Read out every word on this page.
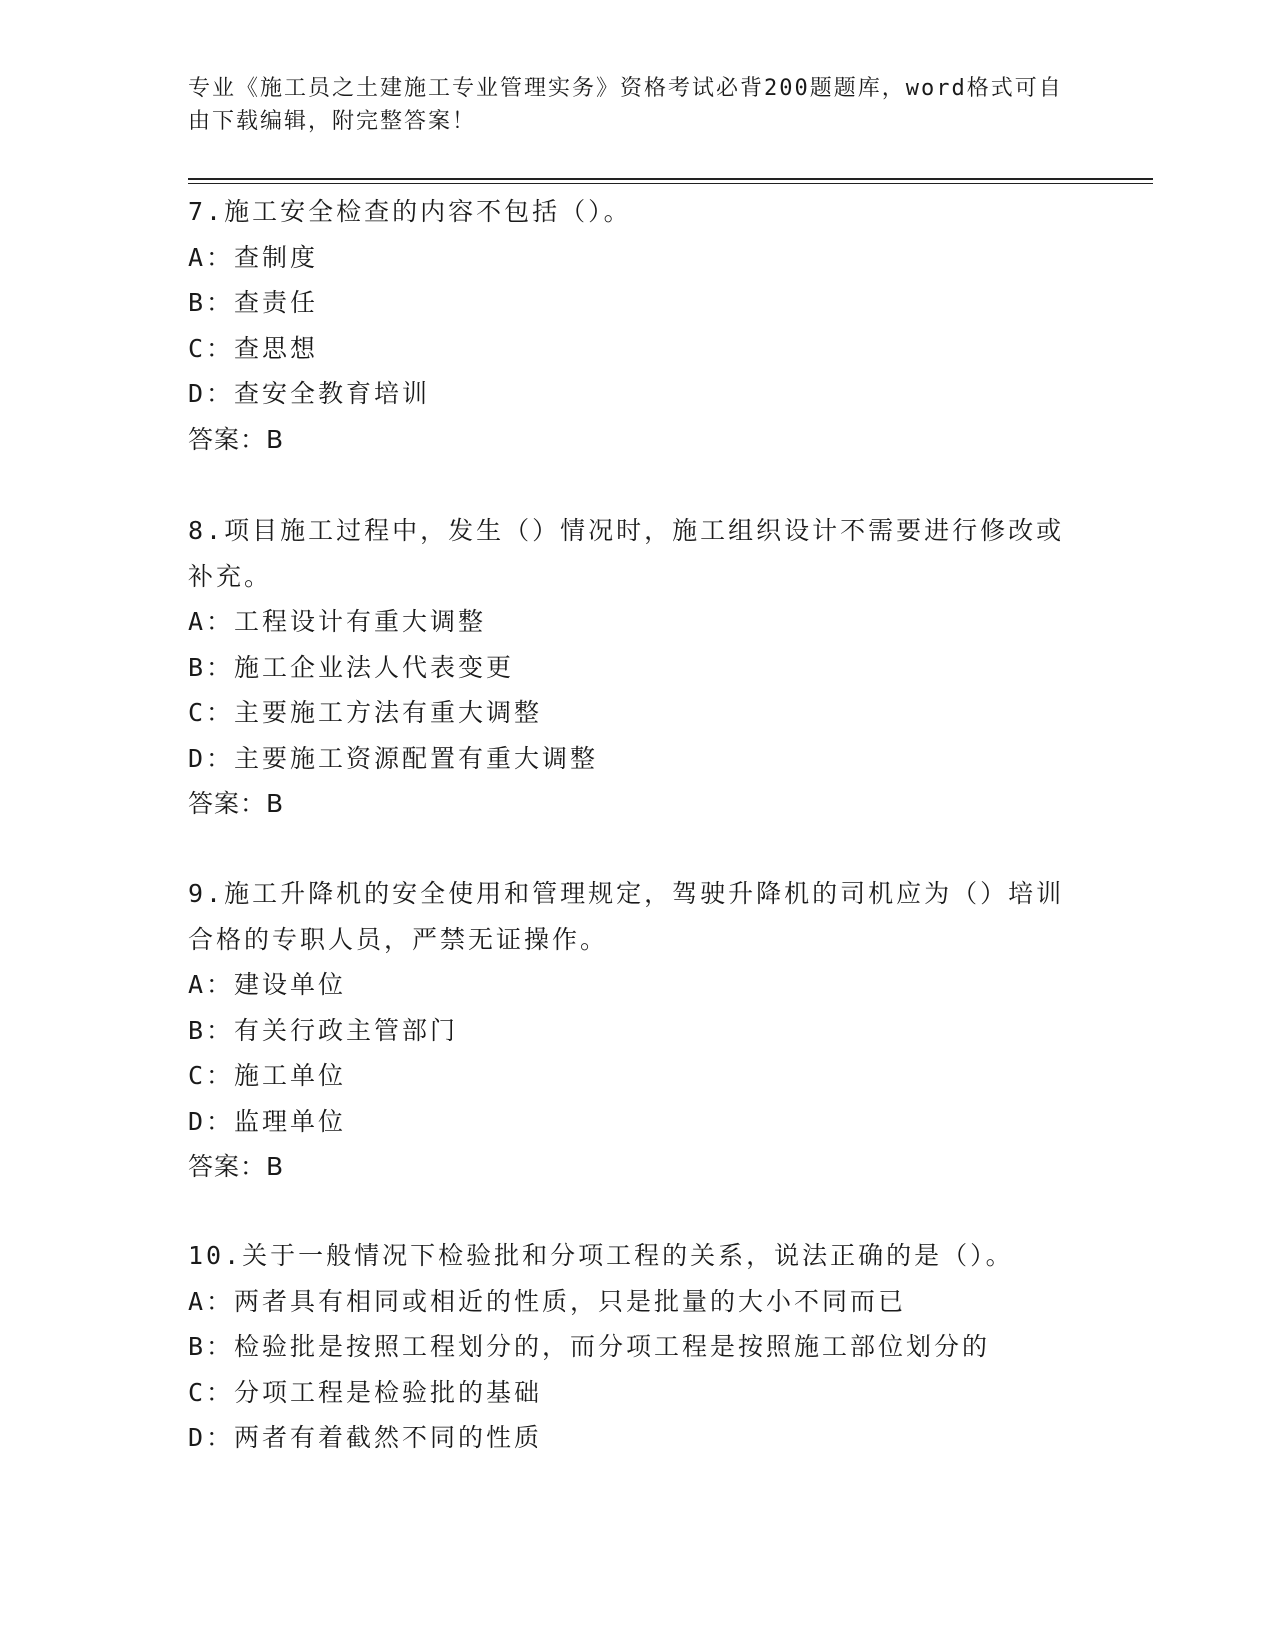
专业《施工员之土建施工专业管理实务》资格考试必背200题题库，word格式可自由下载编辑，附完整答案！
7.施工安全检查的内容不包括（）。
A：查制度
B：查责任
C：查思想
D：查安全教育培训
答案：B
8.项目施工过程中，发生（）情况时，施工组织设计不需要进行修改或补充。
A：工程设计有重大调整
B：施工企业法人代表变更
C：主要施工方法有重大调整
D：主要施工资源配置有重大调整
答案：B
9.施工升降机的安全使用和管理规定，驾驶升降机的司机应为（）培训合格的专职人员，严禁无证操作。
A：建设单位
B：有关行政主管部门
C：施工单位
D：监理单位
答案：B
10.关于一般情况下检验批和分项工程的关系，说法正确的是（）。
A：两者具有相同或相近的性质，只是批量的大小不同而已
B：检验批是按照工程划分的，而分项工程是按照施工部位划分的
C：分项工程是检验批的基础
D：两者有着截然不同的性质
